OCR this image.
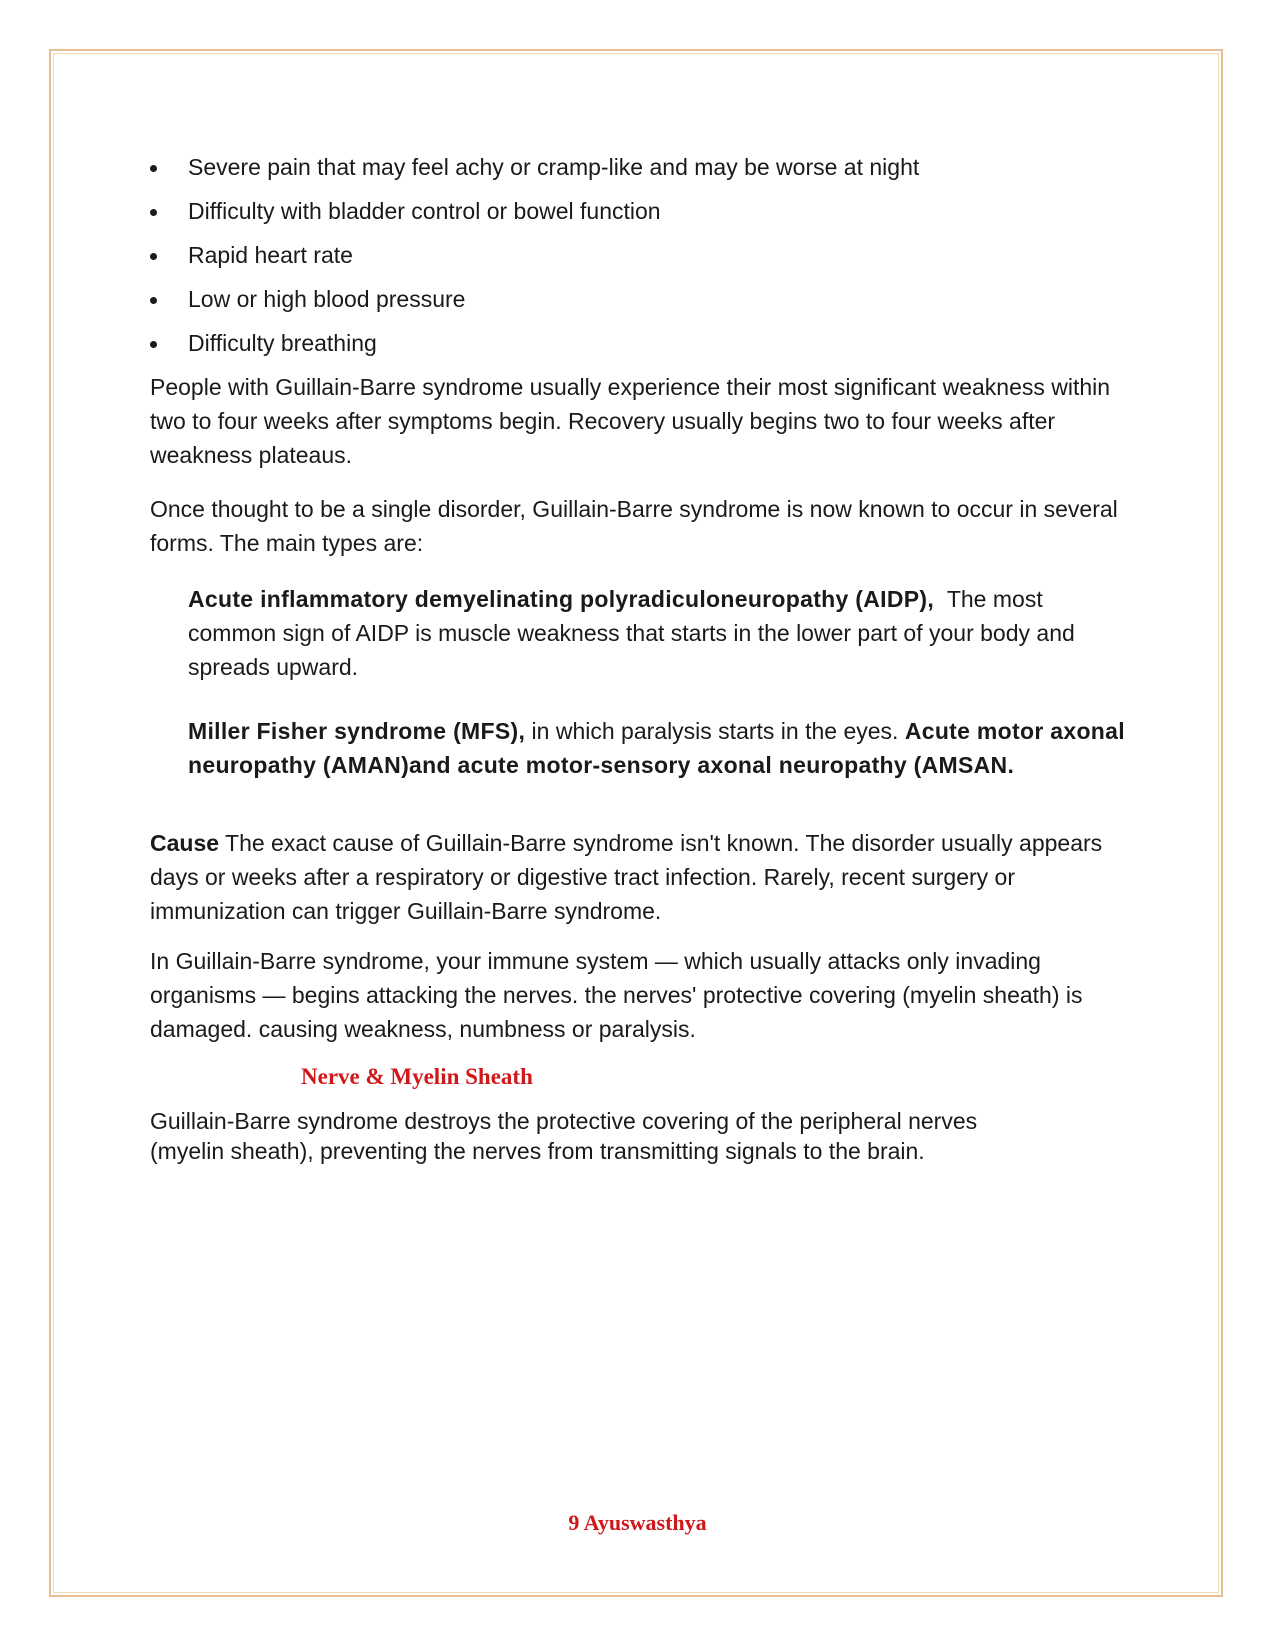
Severe pain that may feel achy or cramp-like and may be worse at night
Difficulty with bladder control or bowel function
Rapid heart rate
Low or high blood pressure
Difficulty breathing

People with Guillain-Barre syndrome usually experience their most significant weakness within two to four weeks after symptoms begin. Recovery usually begins two to four weeks after weakness plateaus.

Once thought to be a single disorder, Guillain-Barre syndrome is now known to occur in several forms. The main types are:

Acute inflammatory demyelinating polyradiculoneuropathy (AIDP), The most common sign of AIDP is muscle weakness that starts in the lower part of your body and spreads upward.

Miller Fisher syndrome (MFS), in which paralysis starts in the eyes. Acute motor axonal neuropathy (AMAN)and acute motor-sensory axonal neuropathy (AMSAN.

Cause The exact cause of Guillain-Barre syndrome isn't known. The disorder usually appears days or weeks after a respiratory or digestive tract infection. Rarely, recent surgery or immunization can trigger Guillain-Barre syndrome.

In Guillain-Barre syndrome, your immune system — which usually attacks only invading organisms — begins attacking the nerves. the nerves' protective covering (myelin sheath) is damaged. causing weakness, numbness or paralysis.

Nerve & Myelin Sheath

Guillain-Barre syndrome destroys the protective covering of the peripheral nerves
(myelin sheath), preventing the nerves from transmitting signals to the brain.

9 Ayuswasthya
